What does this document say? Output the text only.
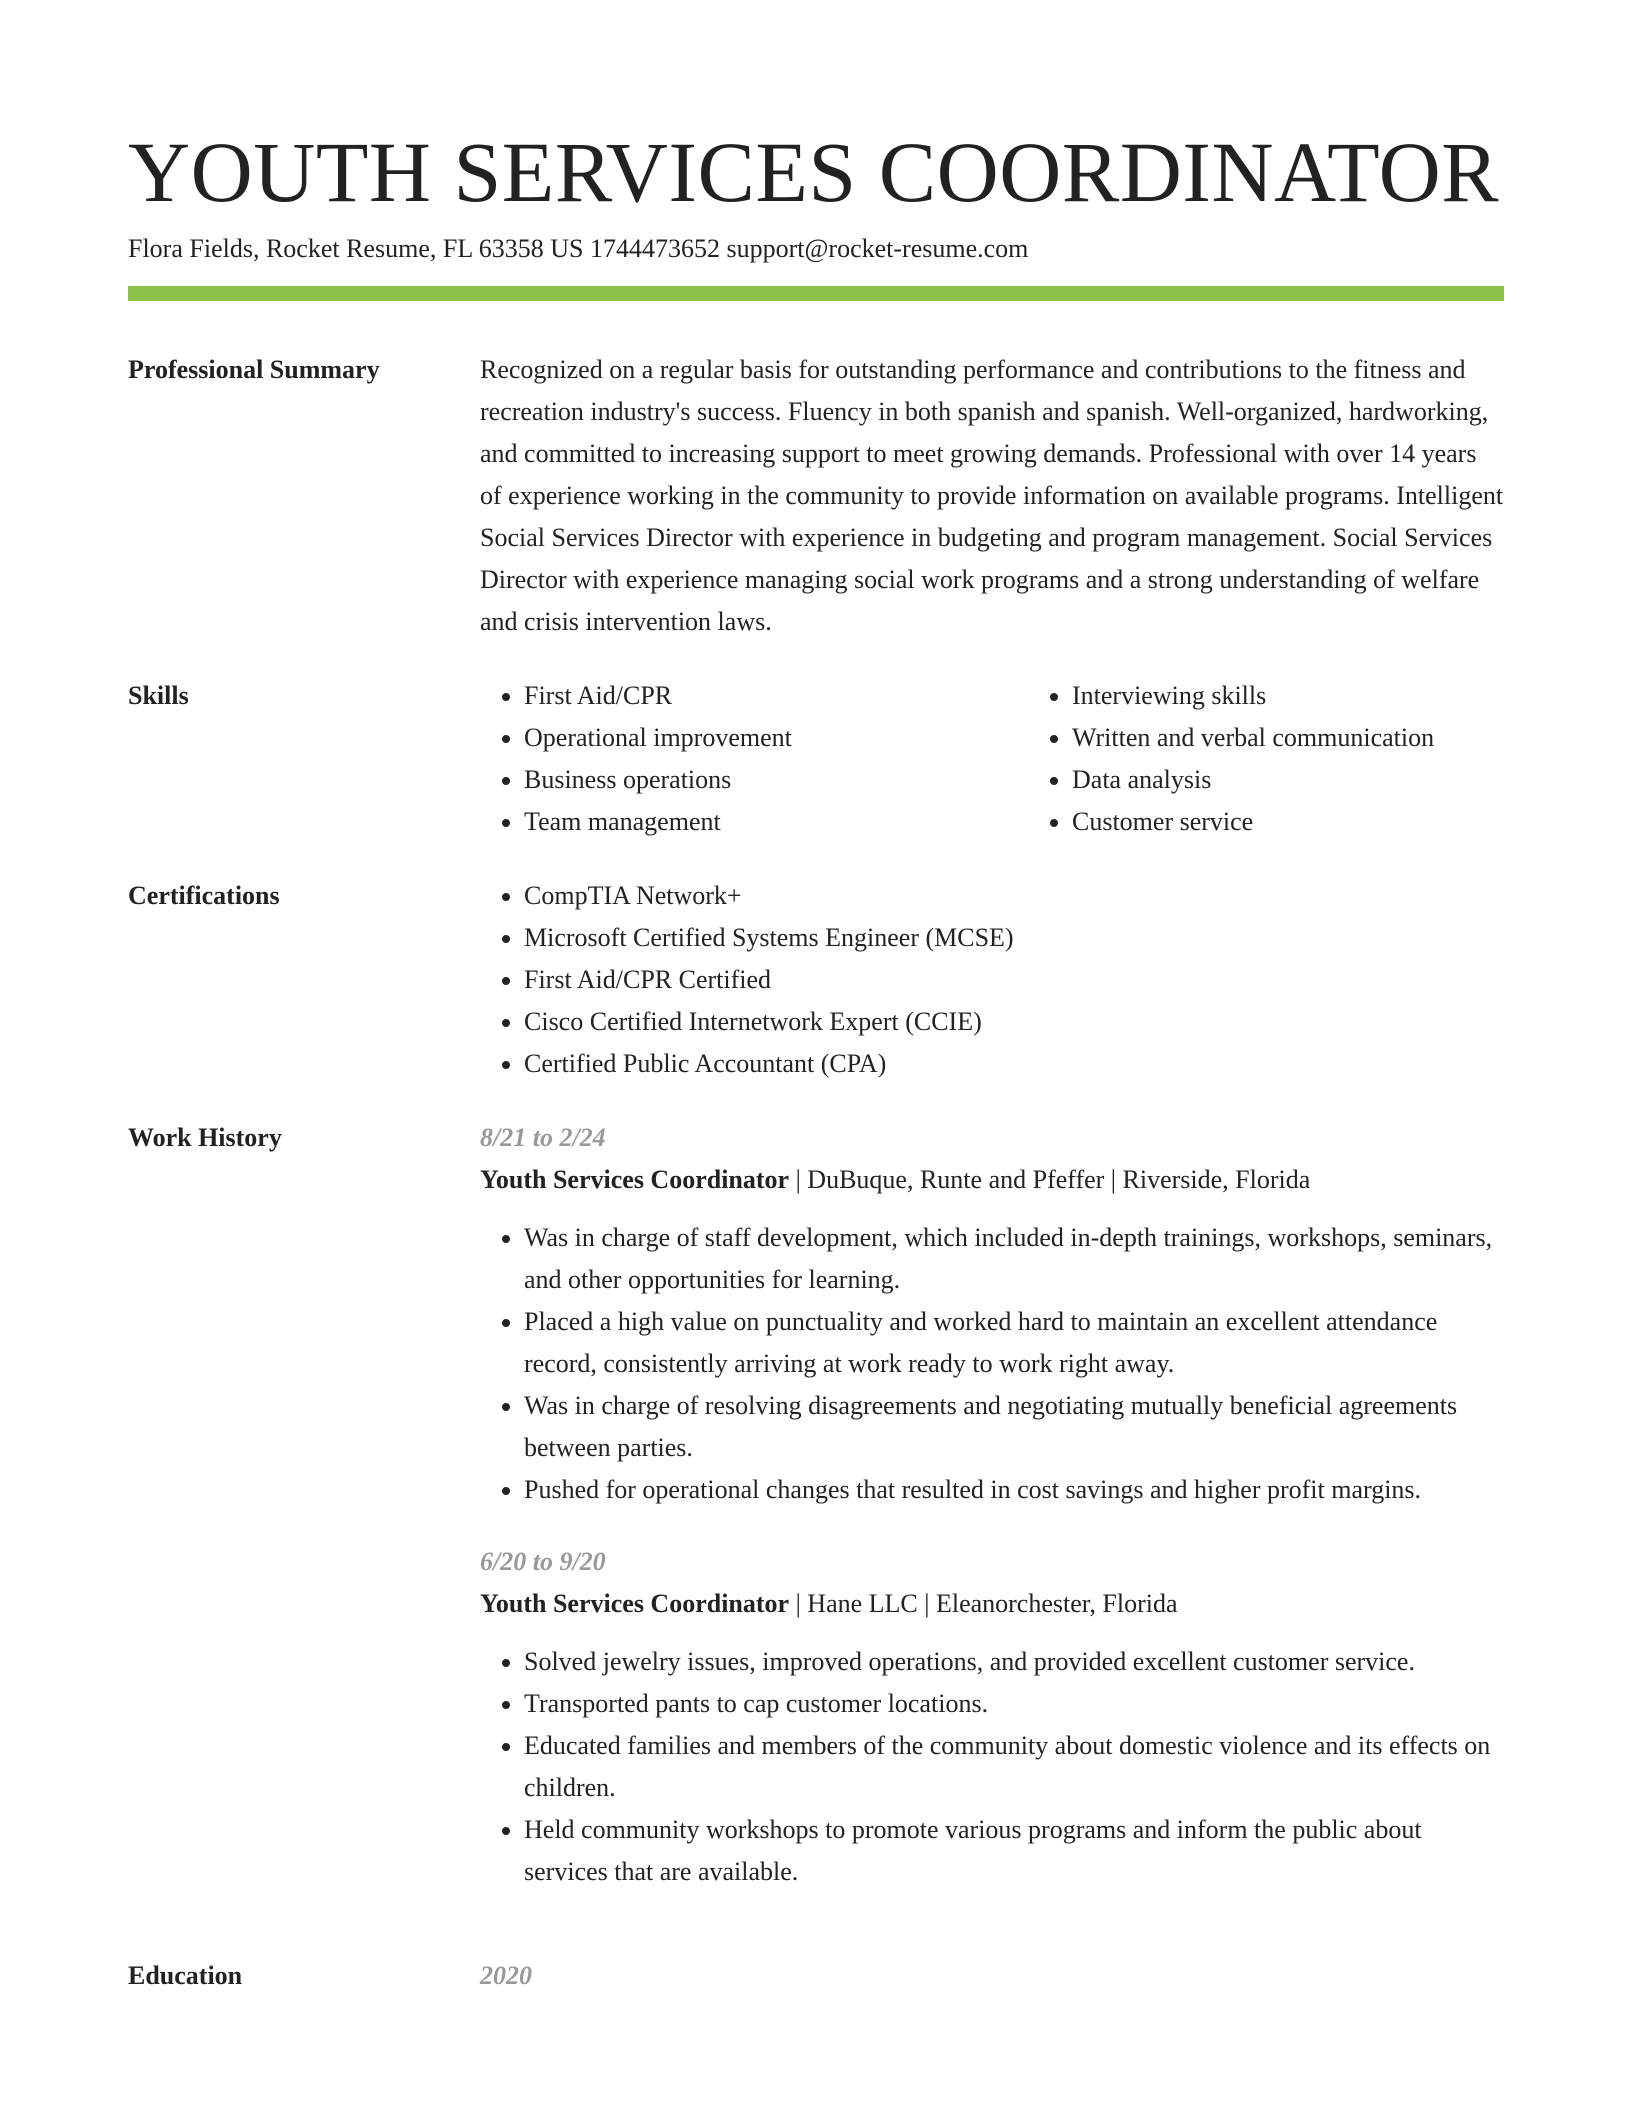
YOUTH SERVICES COORDINATOR
Flora Fields, Rocket Resume, FL 63358 US 1744473652 support@rocket-resume.com
Professional Summary	Recognized on a regular basis for outstanding performance and contributions to the fitness and recreation industry's success. Fluency in both spanish and spanish. Well-organized, hardworking, and committed to increasing support to meet growing demands. Professional with over 14 years of experience working in the community to provide information on available programs. Intelligent Social Services Director with experience in budgeting and program management. Social Services Director with experience managing social work programs and a strong understanding of welfare and crisis intervention laws.

Skills	• First Aid/CPR
• Operational improvement
• Business operations
• Team management
• Interviewing skills
• Written and verbal communication
• Data analysis
• Customer service
Certifications	• CompTIA Network+
• Microsoft Certified Systems Engineer (MCSE)
• First Aid/CPR Certified
• Cisco Certified Internetwork Expert (CCIE)
• Certified Public Accountant (CPA)
Work History	8/21 to 2/24
Youth Services Coordinator | DuBuque, Runte and Pfeffer | Riverside, Florida
• Was in charge of staff development, which included in-depth trainings, workshops, seminars, and other opportunities for learning.
• Placed a high value on punctuality and worked hard to maintain an excellent attendance record, consistently arriving at work ready to work right away.
• Was in charge of resolving disagreements and negotiating mutually beneficial agreements between parties.
• Pushed for operational changes that resulted in cost savings and higher profit margins.
6/20 to 9/20
Youth Services Coordinator | Hane LLC | Eleanorchester, Florida
• Solved jewelry issues, improved operations, and provided excellent customer service.
• Transported pants to cap customer locations.
• Educated families and members of the community about domestic violence and its effects on children.
• Held community workshops to promote various programs and inform the public about services that are available.
Education	2020
